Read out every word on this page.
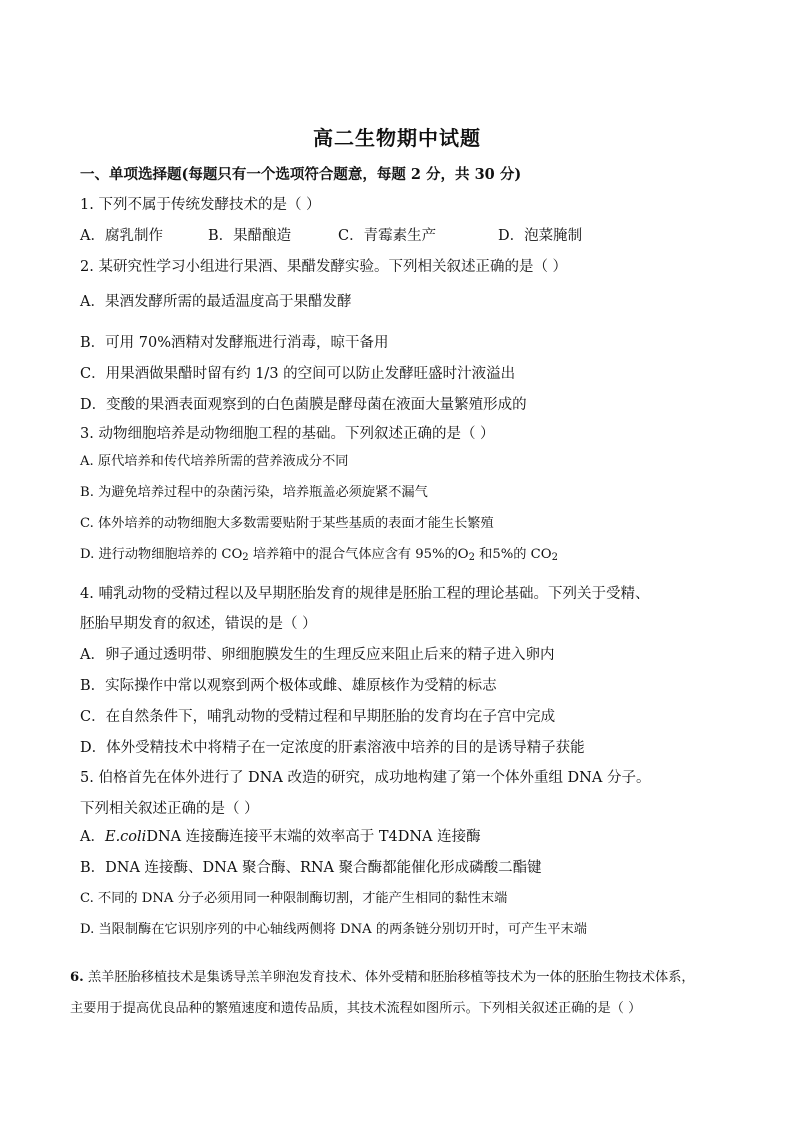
高二生物期中试题
一、单项选择题(每题只有一个选项符合题意，每题 2 分，共 30 分)
1. 下列不属于传统发酵技术的是（ ）
A．腐乳制作	B．果醋酿造	C．青霉素生产	D．泡菜腌制
2. 某研究性学习小组进行果酒、果醋发酵实验。下列相关叙述正确的是（ ）
A．果酒发酵所需的最适温度高于果醋发酵
B．可用 70%酒精对发酵瓶进行消毒，晾干备用
C．用果酒做果醋时留有约 1/3 的空间可以防止发酵旺盛时汁液溢出
D．变酸的果酒表面观察到的白色菌膜是酵母菌在液面大量繁殖形成的
3. 动物细胞培养是动物细胞工程的基础。下列叙述正确的是（ ）
A. 原代培养和传代培养所需的营养液成分不同
B. 为避免培养过程中的杂菌污染，培养瓶盖必须旋紧不漏气
C. 体外培养的动物细胞大多数需要贴附于某些基质的表面才能生长繁殖
D. 进行动物细胞培养的 $CO_2$ 培养箱中的混合气体应含有 95%的$O_2$ 和5%的 $CO_2$
4. 哺乳动物的受精过程以及早期胚胎发育的规律是胚胎工程的理论基础。下列关于受精、
胚胎早期发育的叙述，错误的是（ ）
A．卵子通过透明带、卵细胞膜发生的生理反应来阻止后来的精子进入卵内
B．实际操作中常以观察到两个极体或雌、雄原核作为受精的标志
C．在自然条件下，哺乳动物的受精过程和早期胚胎的发育均在子宫中完成
D．体外受精技术中将精子在一定浓度的肝素溶液中培养的目的是诱导精子获能
5. 伯格首先在体外进行了 DNA 改造的研究，成功地构建了第一个体外重组 DNA 分子。
下列相关叙述正确的是（ ）
A．E.coliDNA 连接酶连接平末端的效率高于 T4DNA 连接酶
B．DNA 连接酶、DNA 聚合酶、RNA 聚合酶都能催化形成磷酸二酯键
C. 不同的 DNA 分子必须用同一种限制酶切割，才能产生相同的黏性末端
D. 当限制酶在它识别序列的中心轴线两侧将 DNA 的两条链分别切开时，可产生平末端
6. 羔羊胚胎移植技术是集诱导羔羊卵泡发育技术、体外受精和胚胎移植等技术为一体的胚胎生物技术体系，
主要用于提高优良品种的繁殖速度和遗传品质，其技术流程如图所示。下列相关叙述正确的是（ ）
